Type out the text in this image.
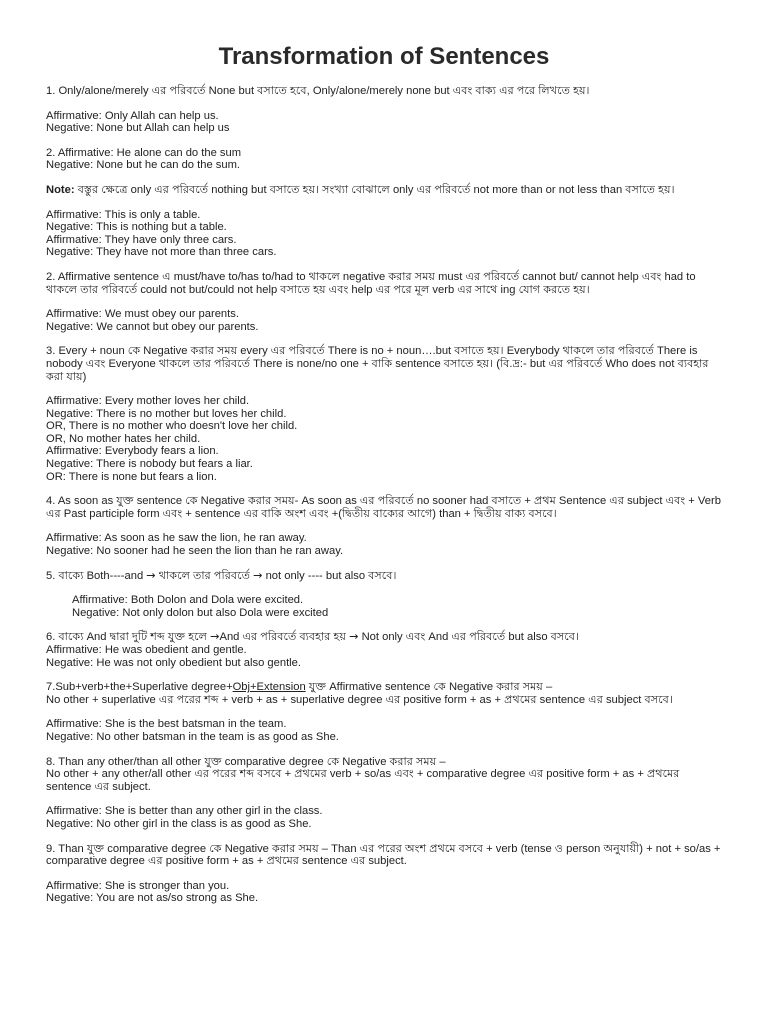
Transformation of Sentences

1. Only/alone/merely এর পরিবর্তে None but বসাতে হবে, Only/alone/merely none but এবং বাক্য এর পরে লিখতে হয়।

Affirmative: Only Allah can help us.

Negative: None but Allah can help us

2. Affirmative: He alone can do the sum

Negative: None but he can do the sum.

Note: বস্তুর ক্ষেত্রে only এর পরিবর্তে nothing but বসাতে হয়। সংখ্যা বোঝালে only এর পরিবর্তে not more than or not less than বসাতে হয়।

Affirmative: This is only a table.

Negative: This is nothing but a table.

Affirmative: They have only three cars.

Negative: They have not more than three cars.

2. Affirmative sentence এ must/have to/has to/had to থাকলে negative করার সময় must এর পরিবর্তে cannot but/ cannot help এবং had to থাকলে তার পরিবর্তে could not but/could not help বসাতে হয় এবং help এর পরে মূল verb এর সাথে ing যোগ করতে হয়।

Affirmative: We must obey our parents.

Negative: We cannot but obey our parents.

3. Every + noun কে Negative করার সময় every এর পরিবর্তে There is no + noun….but বসাতে হয়। Everybody থাকলে তার পরিবর্তে There is nobody এবং Everyone থাকলে তার পরিবর্তে There is none/no one + বাকি sentence বসাতে হয়। (বি.দ্র:- but এর পরিবর্তে Who does not ব্যবহার করা যায়)

Affirmative: Every mother loves her child.

Negative: There is no mother but loves her child.

OR, There is no mother who doesn't love her child.

OR, No mother hates her child.

Affirmative: Everybody fears a lion.

Negative: There is nobody but fears a liar.

OR: There is none but fears a lion.

4. As soon as যুক্ত sentence কে Negative করার সময়- As soon as এর পরিবর্তে no sooner had বসাতে + প্রথম Sentence এর subject এবং + Verb এর Past participle form এবং + sentence এর বাকি অংশ এবং +(দ্বিতীয় বাক্যের আগে) than + দ্বিতীয় বাক্য বসবে।

Affirmative: As soon as he saw the lion, he ran away.

Negative: No sooner had he seen the lion than he ran away.

5. বাক্যে Both----and → থাকলে তার পরিবর্তে → not only ---- but also বসবে।

Affirmative: Both Dolon and Dola were excited.

Negative: Not only dolon but also Dola were excited

6. বাক্যে And দ্বারা দুটি শব্দ যুক্ত হলে →And এর পরিবর্তে ব্যবহার হয় → Not only এবং And এর পরিবর্তে but also বসবে।

Affirmative: He was obedient and gentle.

Negative: He was not only obedient but also gentle.

7.Sub+verb+the+Superlative degree+Obj+Extension যুক্ত Affirmative sentence কে Negative করার সময় –

No other + superlative এর পরের শব্দ + verb + as + superlative degree এর positive form + as + প্রথমের sentence এর subject বসবে।

Affirmative: She is the best batsman in the team.

Negative: No other batsman in the team is as good as She.

8. Than any other/than all other যুক্ত comparative degree কে Negative করার সময় –

No other + any other/all other এর পরের শব্দ বসবে + প্রথমের verb + so/as এবং + comparative degree এর positive form + as + প্রথমের sentence এর subject.

Affirmative: She is better than any other girl in the class.

Negative: No other girl in the class is as good as She.

9. Than যুক্ত comparative degree কে Negative করার সময় – Than এর পরের অংশ প্রথমে বসবে + verb (tense ও person অনুযায়ী) + not + so/as + comparative degree এর positive form + as + প্রথমের sentence এর subject.

Affirmative: She is stronger than you.

Negative: You are not as/so strong as She.
